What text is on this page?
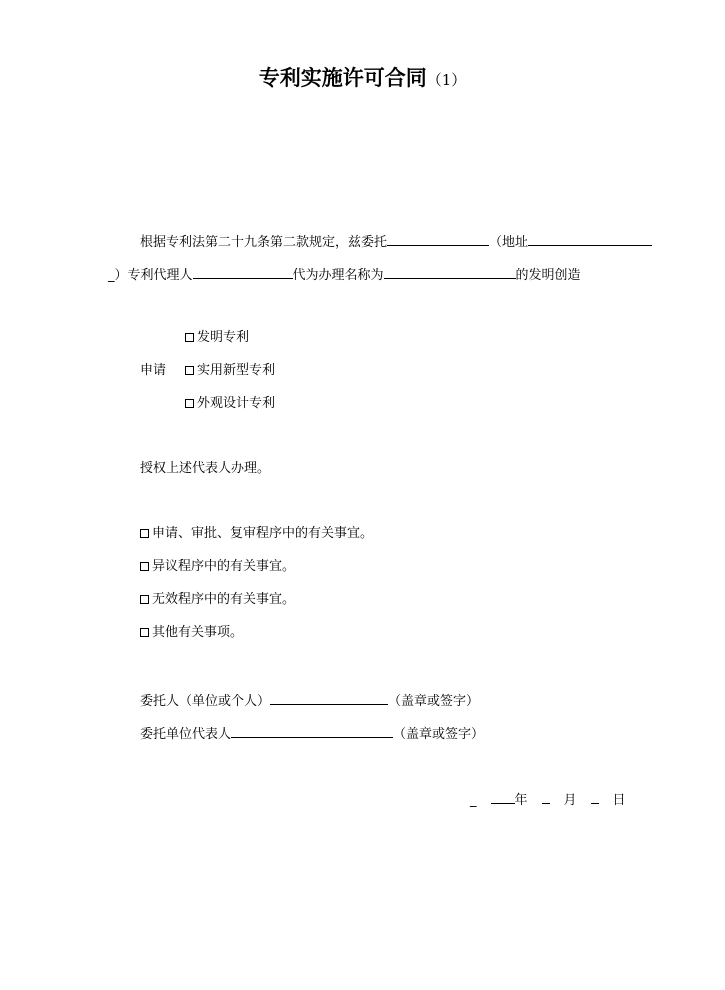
专利实施许可合同（1）
根据专利法第二十九条第二款规定，兹委托	（地址
_）专利代理人	代为办理名称为	的发明创造
申请
发明专利
实用新型专利
外观设计专利
授权上述代表人办理。
申请、审批、复审程序中的有关事宜。
异议程序中的有关事宜。
无效程序中的有关事宜。
其他有关事项。
委托人（单位或个人）	（盖章或签字）
委托单位代表人	（盖章或签字）
_	年	月	日
